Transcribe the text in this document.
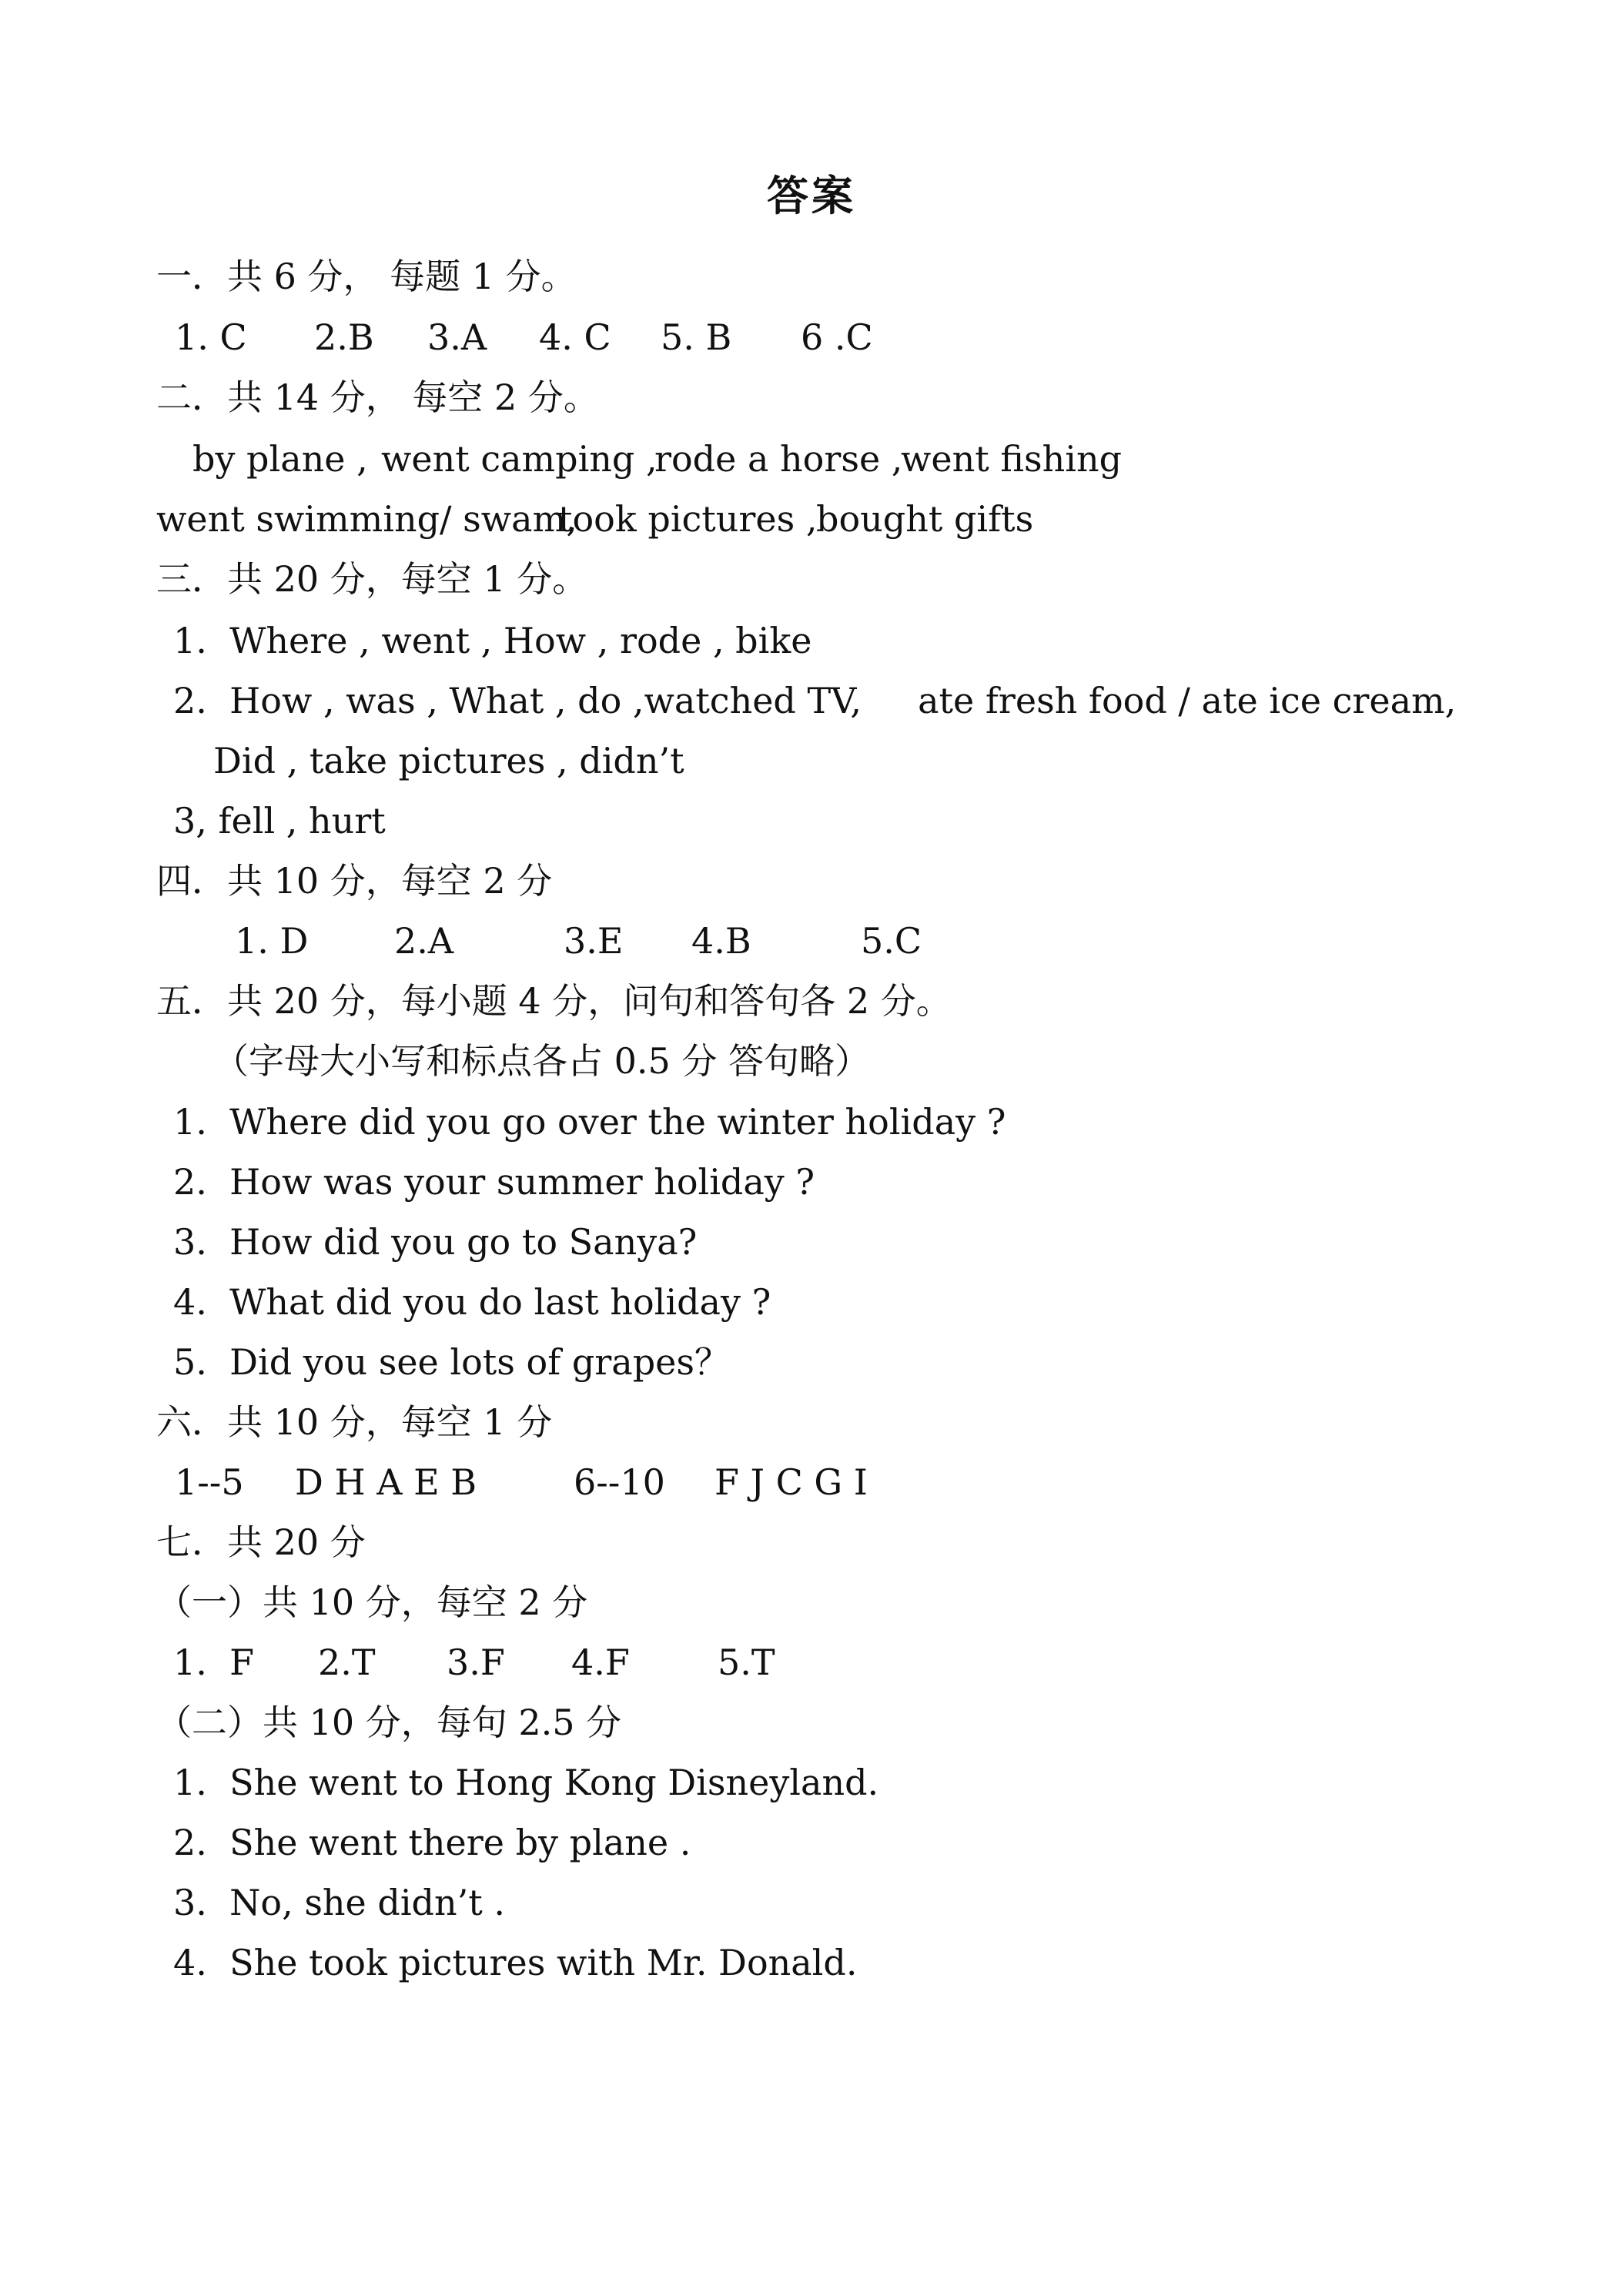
答案
一．共 6 分， 每题 1 分。

1. C

2.B

3.A

4. C

5. B

6 .C

二．共 14 分， 每空 2 分。

by plane ,

went camping ,

rode a horse ,

went fishing

went swimming/ swam,

took pictures ,

bought gifts

三．共 20 分，每空 1 分。
1.  Where , went , How , rode , bike
2.  How , was , What , do ,watched TV,     ate fresh food / ate ice cream,
Did , take pictures , didn’t
3, fell , hurt
四．共 10 分，每空 2 分

1. D

2.A

	3.E

4.B

	5.C

五．共 20 分，每小题 4 分，问句和答句各 2 分。
（字母大小写和标点各占 0.5 分 答句略）
1.  Where did you go over the winter holiday ?
2.  How was your summer holiday ?
3.  How did you go to Sanya?
4.  What did you do last holiday ?
5.  Did you see lots of grapes？
六．共 10 分，每空 1 分

1--5

D H A E B

	6--10

F J C G I

七．共 20 分
（一）共 10 分，每空 2 分

1.  F

2.T

3.F

4.F

5.T

（二）共 10 分，每句 2.5 分
1.  She went to Hong Kong Disneyland.
2.  She went there by plane .
3.  No, she didn’t .
4.  She took pictures with Mr. Donald.
